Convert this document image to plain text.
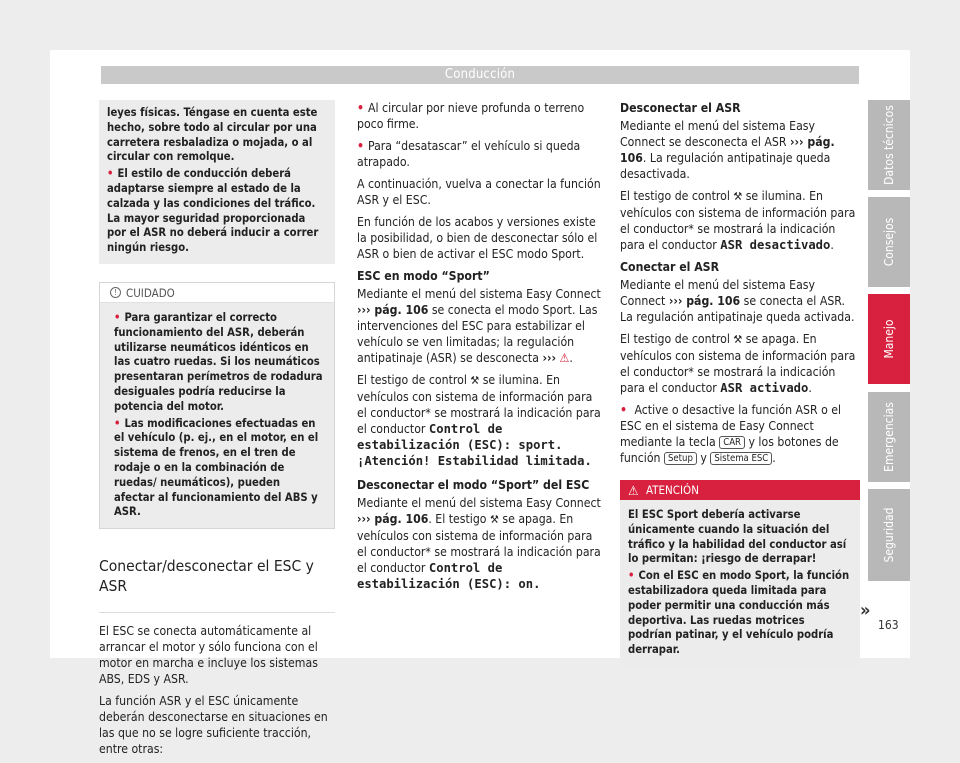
Conducción

leyes físicas. Téngase en cuenta este hecho, sobre todo al circular por una carretera resbaladiza o mojada, o al circular con remolque.

• El estilo de conducción deberá adaptarse siempre al estado de la calzada y las condiciones del tráfico. La mayor seguridad proporcionada por el ASR no deberá inducir a correr ningún riesgo.

! CUIDADO

• Para garantizar el correcto funcionamiento del ASR, deberán utilizarse neumáticos idénticos en las cuatro ruedas. Si los neumáticos presentaran perímetros de rodadura desiguales podría reducirse la potencia del motor.

• Las modificaciones efectuadas en el vehículo (p. ej., en el motor, en el sistema de frenos, en el tren de rodaje o en la combinación de ruedas/ neumáticos), pueden afectar al funcionamiento del ABS y ASR.

Conectar/desconectar el ESC y ASR

El ESC se conecta automáticamente al arrancar el motor y sólo funciona con el motor en marcha e incluye los sistemas ABS, EDS y ASR.

La función ASR y el ESC únicamente deberán desconectarse en situaciones en las que no se logre suficiente tracción, entre otras:

• Al circular por nieve profunda o terreno poco firme.

• Para “desatascar” el vehículo si queda atrapado.

A continuación, vuelva a conectar la función ASR y el ESC.

En función de los acabos y versiones existe la posibilidad, o bien de desconectar sólo el ASR o bien de activar el ESC modo Sport.

ESC en modo “Sport”

Mediante el menú del sistema Easy Connect ››› pág. 106 se conecta el modo Sport. Las intervenciones del ESC para estabilizar el vehículo se ven limitadas; la regulación antipatinaje (ASR) se desconecta ››› ⚠.

El testigo de control ⚒ se ilumina. En vehículos con sistema de información para el conductor* se mostrará la indicación para el conductor Control de estabilización (ESC): sport. ¡Atención! Estabilidad limitada.

Desconectar el modo “Sport” del ESC

Mediante el menú del sistema Easy Connect ››› pág. 106. El testigo ⚒ se apaga. En vehículos con sistema de información para el conductor* se mostrará la indicación para el conductor Control de estabilización (ESC): on.

Desconectar el ASR

Mediante el menú del sistema Easy Connect se desconecta el ASR ››› pág. 106. La regulación antipatinaje queda desactivada.

El testigo de control ⚒ se ilumina. En vehículos con sistema de información para el conductor* se mostrará la indicación para el conductor ASR desactivado.

Conectar el ASR

Mediante el menú del sistema Easy Connect ››› pág. 106 se conecta el ASR. La regulación antipatinaje queda activada.

El testigo de control ⚒ se apaga. En vehículos con sistema de información para el conductor* se mostrará la indicación para el conductor ASR activado.

• Active o desactive la función ASR o el ESC en el sistema de Easy Connect mediante la tecla CAR y los botones de función Setup y Sistema ESC .

⚠ ATENCIÓN

El ESC Sport debería activarse únicamente cuando la situación del tráfico y la habilidad del conductor así lo permitan: ¡riesgo de derrapar!

• Con el ESC en modo Sport, la función estabilizadora queda limitada para poder permitir una conducción más deportiva. Las ruedas motrices podrían patinar, y el vehículo podría derrapar.

Datos técnicos
Consejos
Manejo
Emergencias
Seguridad
»
163
